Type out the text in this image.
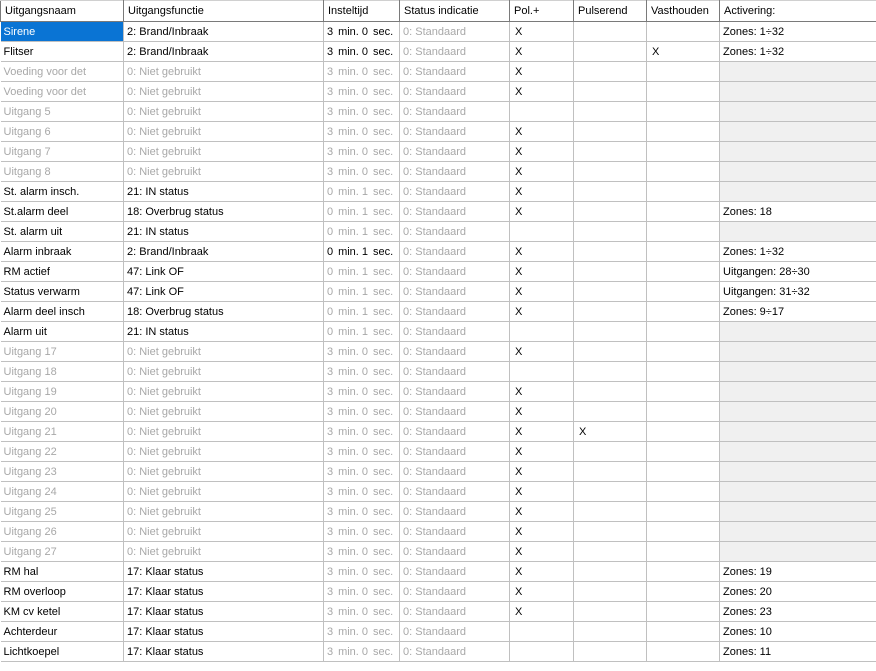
Uitgangsnaam	Uitgangsfunctie	Insteltijd	Status indicatie	Pol.+	Pulserend	Vasthouden	Activering:
Sirene	2: Brand/Inbraak	3 min. 0 sec.	0: Standaard	X			Zones: 1÷32
Flitser	2: Brand/Inbraak	3 min. 0 sec.	0: Standaard	X		X	Zones: 1÷32
Voeding voor det	0: Niet gebruikt	3 min. 0 sec.	0: Standaard	X			
Voeding voor det	0: Niet gebruikt	3 min. 0 sec.	0: Standaard	X			
Uitgang 5	0: Niet gebruikt	3 min. 0 sec.	0: Standaard				
Uitgang 6	0: Niet gebruikt	3 min. 0 sec.	0: Standaard	X			
Uitgang 7	0: Niet gebruikt	3 min. 0 sec.	0: Standaard	X			
Uitgang 8	0: Niet gebruikt	3 min. 0 sec.	0: Standaard	X			
St. alarm insch.	21: IN status	0 min. 1 sec.	0: Standaard	X			
St.alarm deel	18: Overbrug status	0 min. 1 sec.	0: Standaard	X			Zones: 18
St. alarm uit	21: IN status	0 min. 1 sec.	0: Standaard				
Alarm inbraak	2: Brand/Inbraak	0 min. 1 sec.	0: Standaard	X			Zones: 1÷32
RM actief	47: Link OF	0 min. 1 sec.	0: Standaard	X			Uitgangen: 28÷30
Status verwarm	47: Link OF	0 min. 1 sec.	0: Standaard	X			Uitgangen: 31÷32
Alarm deel insch	18: Overbrug status	0 min. 1 sec.	0: Standaard	X			Zones: 9÷17
Alarm uit	21: IN status	0 min. 1 sec.	0: Standaard				
Uitgang 17	0: Niet gebruikt	3 min. 0 sec.	0: Standaard	X			
Uitgang 18	0: Niet gebruikt	3 min. 0 sec.	0: Standaard				
Uitgang 19	0: Niet gebruikt	3 min. 0 sec.	0: Standaard	X			
Uitgang 20	0: Niet gebruikt	3 min. 0 sec.	0: Standaard	X			
Uitgang 21	0: Niet gebruikt	3 min. 0 sec.	0: Standaard	X	X		
Uitgang 22	0: Niet gebruikt	3 min. 0 sec.	0: Standaard	X			
Uitgang 23	0: Niet gebruikt	3 min. 0 sec.	0: Standaard	X			
Uitgang 24	0: Niet gebruikt	3 min. 0 sec.	0: Standaard	X			
Uitgang 25	0: Niet gebruikt	3 min. 0 sec.	0: Standaard	X			
Uitgang 26	0: Niet gebruikt	3 min. 0 sec.	0: Standaard	X			
Uitgang 27	0: Niet gebruikt	3 min. 0 sec.	0: Standaard	X			
RM hal	17: Klaar status	3 min. 0 sec.	0: Standaard	X			Zones: 19
RM overloop	17: Klaar status	3 min. 0 sec.	0: Standaard	X			Zones: 20
KM cv ketel	17: Klaar status	3 min. 0 sec.	0: Standaard	X			Zones: 23
Achterdeur	17: Klaar status	3 min. 0 sec.	0: Standaard				Zones: 10
Lichtkoepel	17: Klaar status	3 min. 0 sec.	0: Standaard				Zones: 11
